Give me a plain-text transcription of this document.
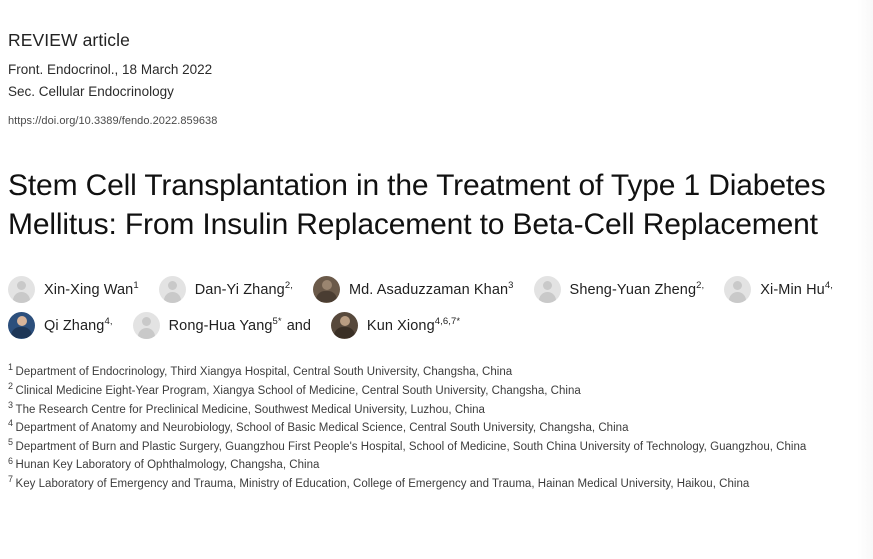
REVIEW article
Front. Endocrinol., 18 March 2022
Sec. Cellular Endocrinology
https://doi.org/10.3389/fendo.2022.859638
Stem Cell Transplantation in the Treatment of Type 1 Diabetes Mellitus: From Insulin Replacement to Beta-Cell Replacement
Xin-Xing Wan$^1$	Dan-Yi Zhang$^{2,}$	Md. Asaduzzaman Khan$^3$	Sheng-Yuan Zheng$^{2,}$	Xi-Min $Hu^{4,}$
Qi Zhang$^{4,}$	Rong-Hua Yang$^{5*}$ and	Kun Xiong$^{4,6,7*}$
$^1$ Department of Endocrinology, Third Xiangya Hospital, Central South University, Changsha, China
$^2$ Clinical Medicine Eight-Year Program, Xiangya School of Medicine, Central South University, Changsha, China
$^3$ The Research Centre for Preclinical Medicine, Southwest Medical University, Luzhou, China
$^4$ Department of Anatomy and Neurobiology, School of Basic Medical Science, Central South University, Changsha, China
$^5$ Department of Burn and Plastic Surgery, Guangzhou First People's Hospital, School of Medicine, South China University of Technology, Guangzhou, China
$^6$ Hunan Key Laboratory of Ophthalmology, Changsha, China
$^7$ Key Laboratory of Emergency and Trauma, Ministry of Education, College of Emergency and Trauma, Hainan Medical University, Haikou, China
